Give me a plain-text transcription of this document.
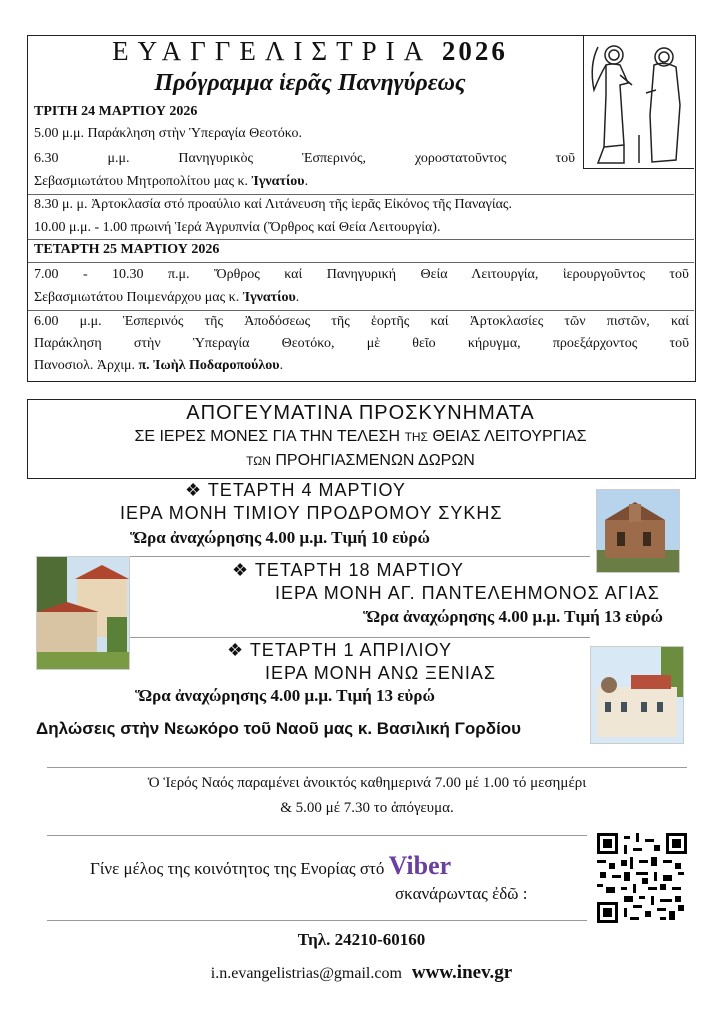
ΕΥΑΓΓΕΛΙΣΤΡΙΑ 2026
Πρόγραμμα ἱερᾶς Πανηγύρεως
ΤΡΙΤΗ 24 ΜΑΡΤΙΟΥ 2026
5.00 μ.μ. Παράκληση στὴν Ὑπεραγία Θεοτόκο.
6.30 μ.μ. Πανηγυρικὸς Ἑσπερινός, χοροστατοῦντος τοῦ
Σεβασμιωτάτου Μητροπολίτου μας κ. Ἰγνατίου.
8.30 μ. μ. Ἀρτοκλασία στό προαύλιο καί Λιτάνευση τῆς ἱερᾶς Εἰκόνος τῆς Παναγίας.
10.00 μ.μ. - 1.00 πρωινή Ἱερά Ἀγρυπνία (Ὄρθρος καί Θεία Λειτουργία).
ΤΕΤΑΡΤΗ 25 ΜΑΡΤΙΟΥ 2026
7.00 - 10.30 π.μ. Ὄρθρος καί Πανηγυρική Θεία Λειτουργία, ἱερουργοῦντος τοῦ
Σεβασμιωτάτου Ποιμενάρχου μας κ. Ἰγνατίου.
6.00 μ.μ. Ἑσπερινός τῆς Ἀποδόσεως τῆς ἑορτῆς καί Ἀρτοκλασίες τῶν πιστῶν, καί
Παράκληση στὴν Ὑπεραγία Θεοτόκο, μὲ θεῖο κήρυγμα, προεξάρχοντος τοῦ
Πανοσιολ. Ἀρχιμ. π. Ἰωὴλ Ποδαροπούλου.
ΑΠΟΓΕΥΜΑΤΙΝΑ ΠΡΟΣΚΥΝΗΜΑΤΑ
ΣΕ ΙΕΡΕΣ ΜΟΝΕΣ ΓΙΑ ΤΗΝ ΤΕΛΕΣΗ ΤΗΣ ΘΕΙΑΣ ΛΕΙΤΟΥΡΓΙΑΣ
ΤΩΝ ΠΡΟΗΓΙΑΣΜΕΝΩΝ ΔΩΡΩΝ
❖ ΤΕΤΑΡΤΗ 4 ΜΑΡΤΙΟΥ
ΙΕΡΑ ΜΟΝΗ ΤΙΜΙΟΥ ΠΡΟΔΡΟΜΟΥ ΣΥΚΗΣ
Ὥρα ἀναχώρησης 4.00 μ.μ. Τιμή 10 εὐρώ
❖ ΤΕΤΑΡΤΗ 18 ΜΑΡΤΙΟΥ
ΙΕΡΑ ΜΟΝΗ ΑΓ. ΠΑΝΤΕΛΕΗΜΟΝΟΣ ΑΓΙΑΣ
Ὥρα ἀναχώρησης 4.00 μ.μ. Τιμή 13 εὐρώ
❖ ΤΕΤΑΡΤΗ 1 ΑΠΡΙΛΙΟΥ
ΙΕΡΑ ΜΟΝΗ ΑΝΩ ΞΕΝΙΑΣ
Ὥρα ἀναχώρησης 4.00 μ.μ. Τιμή 13 εὐρώ
Δηλώσεις στὴν Νεωκόρο τοῦ Ναοῦ μας κ. Βασιλική Γορδίου
Ὁ Ἱερός Ναός παραμένει ἀνοικτός καθημερινά 7.00 μέ 1.00 τό μεσημέρι
& 5.00 μέ 7.30 το ἀπόγευμα.
Γίνε μέλος της κοινότητος της Ενορίας στό Viber
σκανάρωντας ἐδῶ :
Τηλ. 24210-60160
i.n.evangelistrias@gmail.com www.inev.gr
